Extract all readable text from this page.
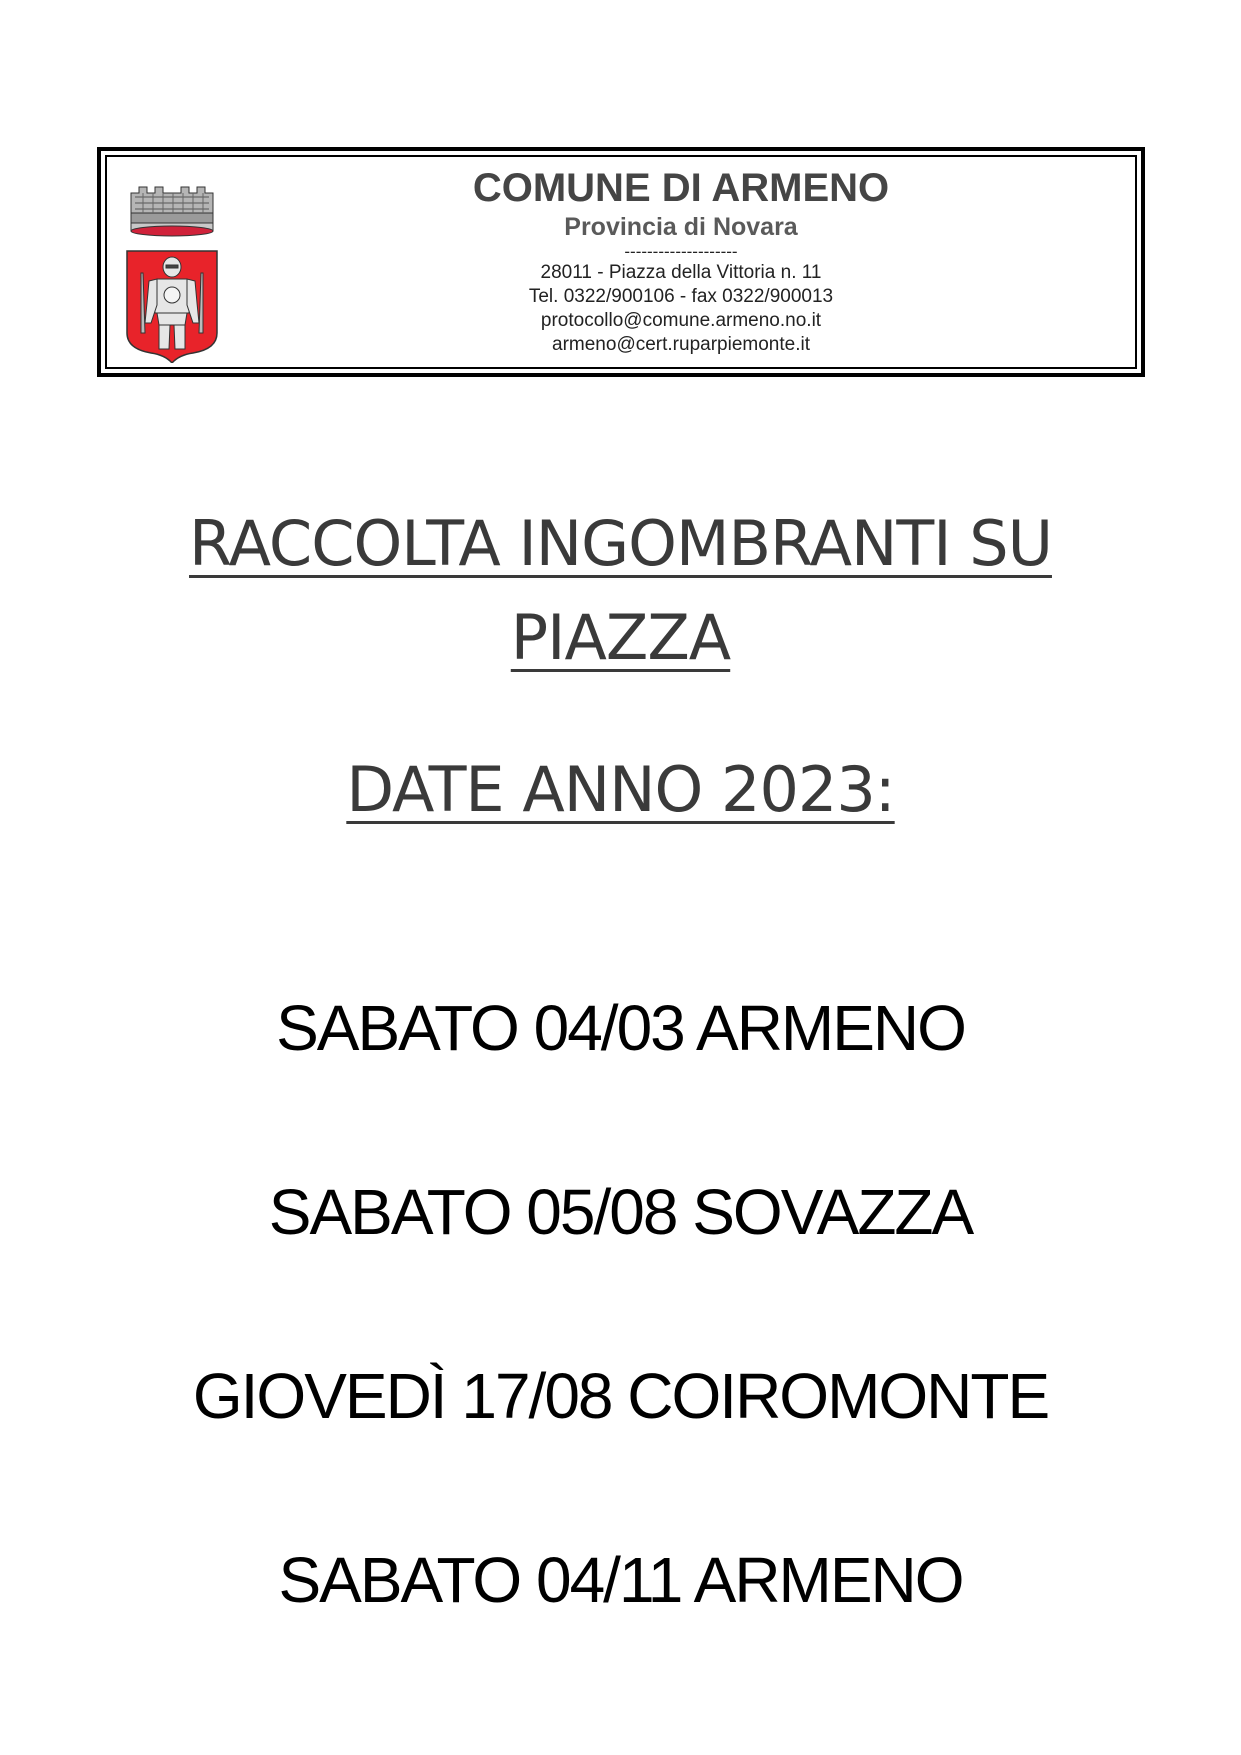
COMUNE DI ARMENO
Provincia di Novara
--------------------
28011 - Piazza della Vittoria n. 11
Tel. 0322/900106 - fax 0322/900013
protocollo@comune.armeno.no.it
armeno@cert.ruparpiemonte.it
RACCOLTA INGOMBRANTI SU
PIAZZA
DATE ANNO 2023:
SABATO 04/03 ARMENO
SABATO 05/08 SOVAZZA
GIOVEDÌ 17/08 COIROMONTE
SABATO 04/11 ARMENO
